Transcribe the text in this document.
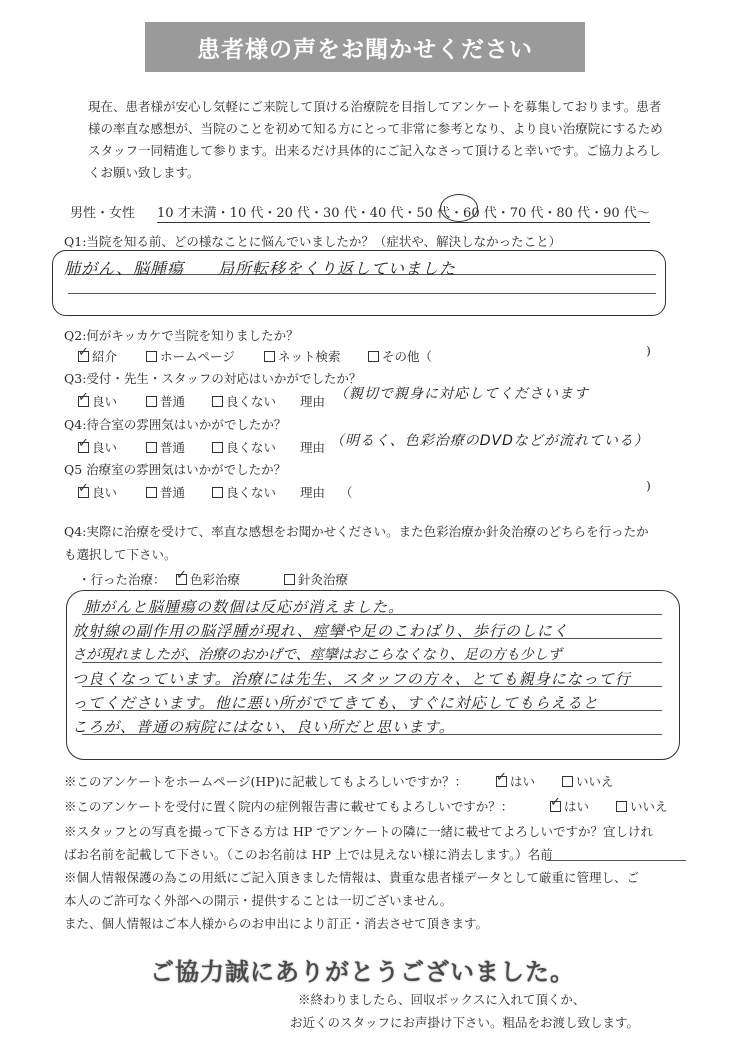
患者様の声をお聞かせください
現在、患者様が安心し気軽にご来院して頂ける治療院を目指してアンケートを募集しております。患者
様の率直な感想が、当院のことを初めて知る方にとって非常に参考となり、より良い治療院にするため
スタッフ一同精進して参ります。出来るだけ具体的にご記入なさって頂けると幸いです。ご協力よろし
くお願い致します。
男性・女性 10 才未満・10 代・20 代・30 代・40 代・50 代・60 代・70 代・80 代・90 代～
Q1:当院を知る前、どの様なことに悩んでいましたか？（症状や、解決しなかったこと）
肺がん、脳腫瘍　　局所転移をくり返していました
Q2:何がキッカケで当院を知りましたか？
✓紹介	ホームページ	ネット検索	その他（	)
Q3:受付・先生・スタッフの対応はいかがでしたか？
✓良い	普通	良くない 理由 （親切で親身に対応してくださいます
Q4:待合室の雰囲気はいかがでしたか？
✓良い	普通	良くない 理由 （明るく、色彩治療のDVDなどが流れている）
Q5 治療室の雰囲気はいかがでしたか？
✓良い	普通	良くない 理由 （	)
Q4:実際に治療を受けて、率直な感想をお聞かせください。また色彩治療か針灸治療のどちらを行ったか
も選択して下さい。
・行った治療： ✓	色彩治療	針灸治療
肺がんと脳腫瘍の数個は反応が消えました。
放射線の副作用の脳浮腫が現れ、痙攣や足のこわばり、歩行のしにく
さが現れましたが、治療のおかげで、痙攣はおこらなくなり、足の方も少しず
つ良くなっています。治療には先生、スタッフの方々、とても親身になって行
ってくださいます。他に悪い所がでてきても、すぐに対応してもらえると
ころが、普通の病院にはない、良い所だと思います。
※このアンケートをホームページ(HP)に記載してもよろしいですか？： ✓	はい	いいえ
※このアンケートを受付に置く院内の症例報告書に載せてもよろしいですか？： ✓	はい	いいえ
※スタッフとの写真を撮って下さる方は HP でアンケートの隣に一緒に載せてよろしいですか？宜しけれ
ばお名前を記載して下さい。（このお名前は HP 上では見えない様に消去します。）名前
※個人情報保護の為この用紙にご記入頂きました情報は、貴重な患者様データとして厳重に管理し、ご
本人のご許可なく外部への開示・提供することは一切ございません。
また、個人情報はご本人様からのお申出により訂正・消去させて頂きます。
ご協力誠にありがとうございました。
※終わりましたら、回収ボックスに入れて頂くか、
お近くのスタッフにお声掛け下さい。粗品をお渡し致します。
